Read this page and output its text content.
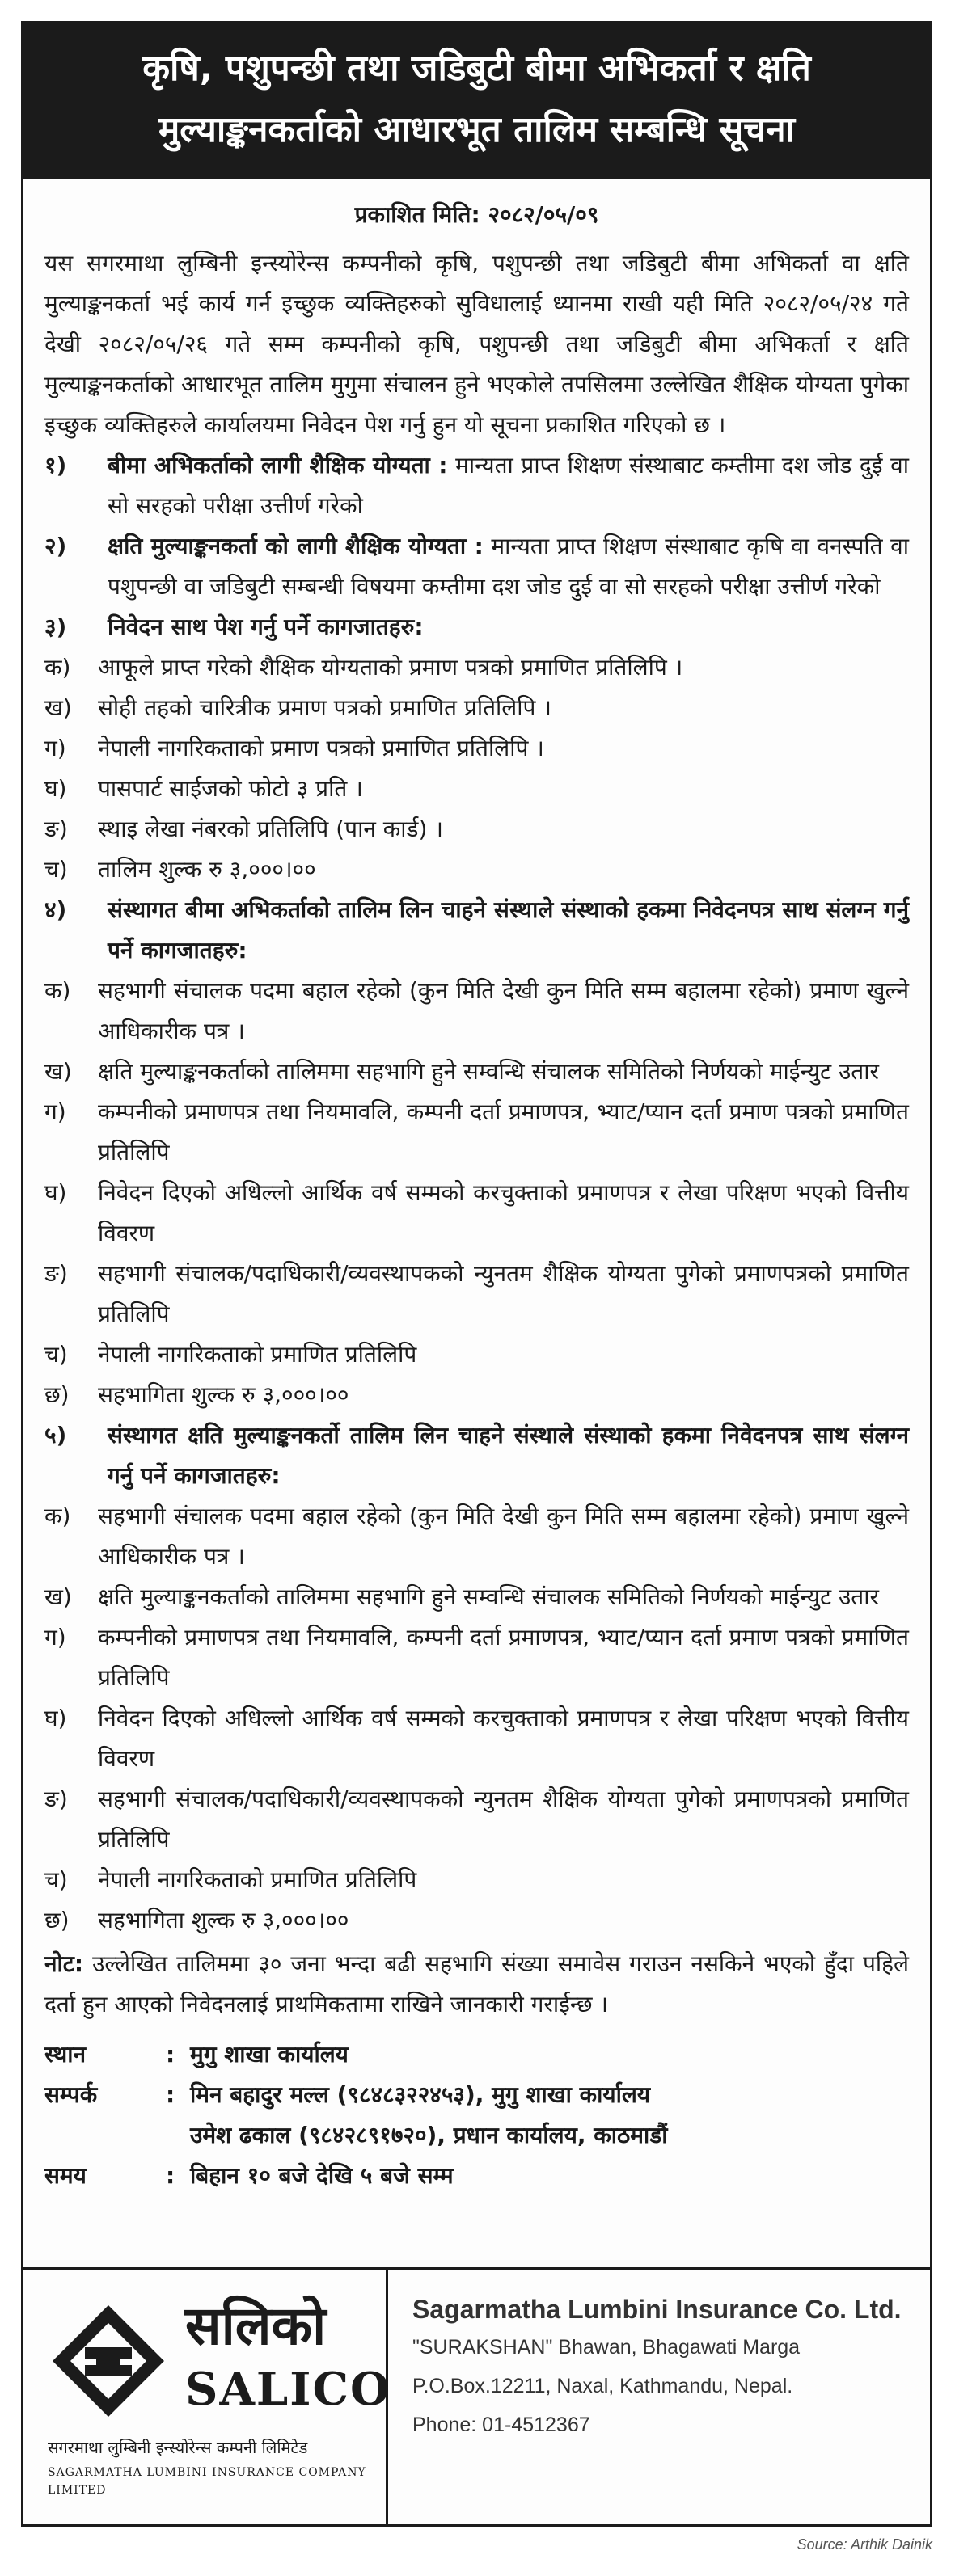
कृषि, पशुपन्छी तथा जडिबुटी बीमा अभिकर्ता र क्षति
मुल्याङ्कनकर्ताको आधारभूत तालिम सम्बन्धि सूचना
प्रकाशित मिति: २०८२/०५/०९
यस सगरमाथा लुम्बिनी इन्स्योरेन्स कम्पनीको कृषि, पशुपन्छी तथा जडिबुटी बीमा अभिकर्ता वा क्षति मुल्याङ्कनकर्ता भई कार्य गर्न इच्छुक व्यक्तिहरुको सुविधालाई ध्यानमा राखी यही मिति २०८२/०५/२४ गते देखी २०८२/०५/२६ गते सम्म कम्पनीको कृषि, पशुपन्छी तथा जडिबुटी बीमा अभिकर्ता र क्षति मुल्याङ्कनकर्ताको आधारभूत तालिम मुगुमा संचालन हुने भएकोले तपसिलमा उल्लेखित शैक्षिक योग्यता पुगेका इच्छुक व्यक्तिहरुले कार्यालयमा निवेदन पेश गर्नु हुन यो सूचना प्रकाशित गरिएको छ ।
१)	बीमा अभिकर्ताको लागी शैक्षिक योग्यता : मान्यता प्राप्त शिक्षण संस्थाबाट कम्तीमा दश जोड दुई वा सो सरहको परीक्षा उत्तीर्ण गरेको
२)	क्षति मुल्याङ्कनकर्ता को लागी शैक्षिक योग्यता : मान्यता प्राप्त शिक्षण संस्थाबाट कृषि वा वनस्पति वा पशुपन्छी वा जडिबुटी सम्बन्धी विषयमा कम्तीमा दश जोड दुई वा सो सरहको परीक्षा उत्तीर्ण गरेको
३)	निवेदन साथ पेश गर्नु पर्ने कागजातहरु:
क)	आफूले प्राप्त गरेको शैक्षिक योग्यताको प्रमाण पत्रको प्रमाणित प्रतिलिपि ।
ख)	सोही तहको चारित्रीक प्रमाण पत्रको प्रमाणित प्रतिलिपि ।
ग)	नेपाली नागरिकताको प्रमाण पत्रको प्रमाणित प्रतिलिपि ।
घ)	पासपार्ट साईजको फोटो ३ प्रति ।
ङ)	स्थाइ लेखा नंबरको प्रतिलिपि (पान कार्ड) ।
च)	तालिम शुल्क रु ३,०००।००
४)	संस्थागत बीमा अभिकर्ताको तालिम लिन चाहने संस्थाले संस्थाको हकमा निवेदनपत्र साथ संलग्न गर्नु पर्ने कागजातहरु:
क)	सहभागी संचालक पदमा बहाल रहेको (कुन मिति देखी कुन मिति सम्म बहालमा रहेको) प्रमाण खुल्ने आधिकारीक पत्र ।
ख)	क्षति मुल्याङ्कनकर्ताको तालिममा सहभागि हुने सम्वन्धि संचालक समितिको निर्णयको माईन्युट उतार
ग)	कम्पनीको प्रमाणपत्र तथा नियमावलि, कम्पनी दर्ता प्रमाणपत्र, भ्याट/प्यान दर्ता प्रमाण पत्रको प्रमाणित प्रतिलिपि
घ)	निवेदन दिएको अधिल्लो आर्थिक वर्ष सम्मको करचुक्ताको प्रमाणपत्र र लेखा परिक्षण भएको वित्तीय विवरण
ङ)	सहभागी संचालक/पदाधिकारी/व्यवस्थापकको न्युनतम शैक्षिक योग्यता पुगेको प्रमाणपत्रको प्रमाणित प्रतिलिपि
च)	नेपाली नागरिकताको प्रमाणित प्रतिलिपि
छ)	सहभागिता शुल्क रु ३,०००।००
५)	संस्थागत क्षति मुल्याङ्कनकर्तो तालिम लिन चाहने संस्थाले संस्थाको हकमा निवेदनपत्र साथ संलग्न गर्नु पर्ने कागजातहरु:
क)	सहभागी संचालक पदमा बहाल रहेको (कुन मिति देखी कुन मिति सम्म बहालमा रहेको) प्रमाण खुल्ने आधिकारीक पत्र ।
ख)	क्षति मुल्याङ्कनकर्ताको तालिममा सहभागि हुने सम्वन्धि संचालक समितिको निर्णयको माईन्युट उतार
ग)	कम्पनीको प्रमाणपत्र तथा नियमावलि, कम्पनी दर्ता प्रमाणपत्र, भ्याट/प्यान दर्ता प्रमाण पत्रको प्रमाणित प्रतिलिपि
घ)	निवेदन दिएको अधिल्लो आर्थिक वर्ष सम्मको करचुक्ताको प्रमाणपत्र र लेखा परिक्षण भएको वित्तीय विवरण
ङ)	सहभागी संचालक/पदाधिकारी/व्यवस्थापकको न्युनतम शैक्षिक योग्यता पुगेको प्रमाणपत्रको प्रमाणित प्रतिलिपि
च)	नेपाली नागरिकताको प्रमाणित प्रतिलिपि
छ)	सहभागिता शुल्क रु ३,०००।००
नोट: उल्लेखित तालिममा ३० जना भन्दा बढी सहभागि संख्या समावेस गराउन नसकिने भएको हुँदा पहिले दर्ता हुन आएको निवेदनलाई प्राथमिकतामा राखिने जानकारी गराईन्छ ।
स्थान	: मुगु शाखा कार्यालय
सम्पर्क	: मिन बहादुर मल्ल (९८४८३२२४५३), मुगु शाखा कार्यालय
उमेश ढकाल (९८४२८९१७२०), प्रधान कार्यालय, काठमाडौं
समय	: बिहान १० बजे देखि ५ बजे सम्म
सलिको
SALICO
सगरमाथा लुम्बिनी इन्स्योरेन्स कम्पनी लिमिटेड
SAGARMATHA LUMBINI INSURANCE COMPANY LIMITED
Sagarmatha Lumbini Insurance Co. Ltd.
"SURAKSHAN" Bhawan, Bhagawati Marga
P.O.Box.12211, Naxal, Kathmandu, Nepal.
Phone: 01-4512367
Source: Arthik Dainik
